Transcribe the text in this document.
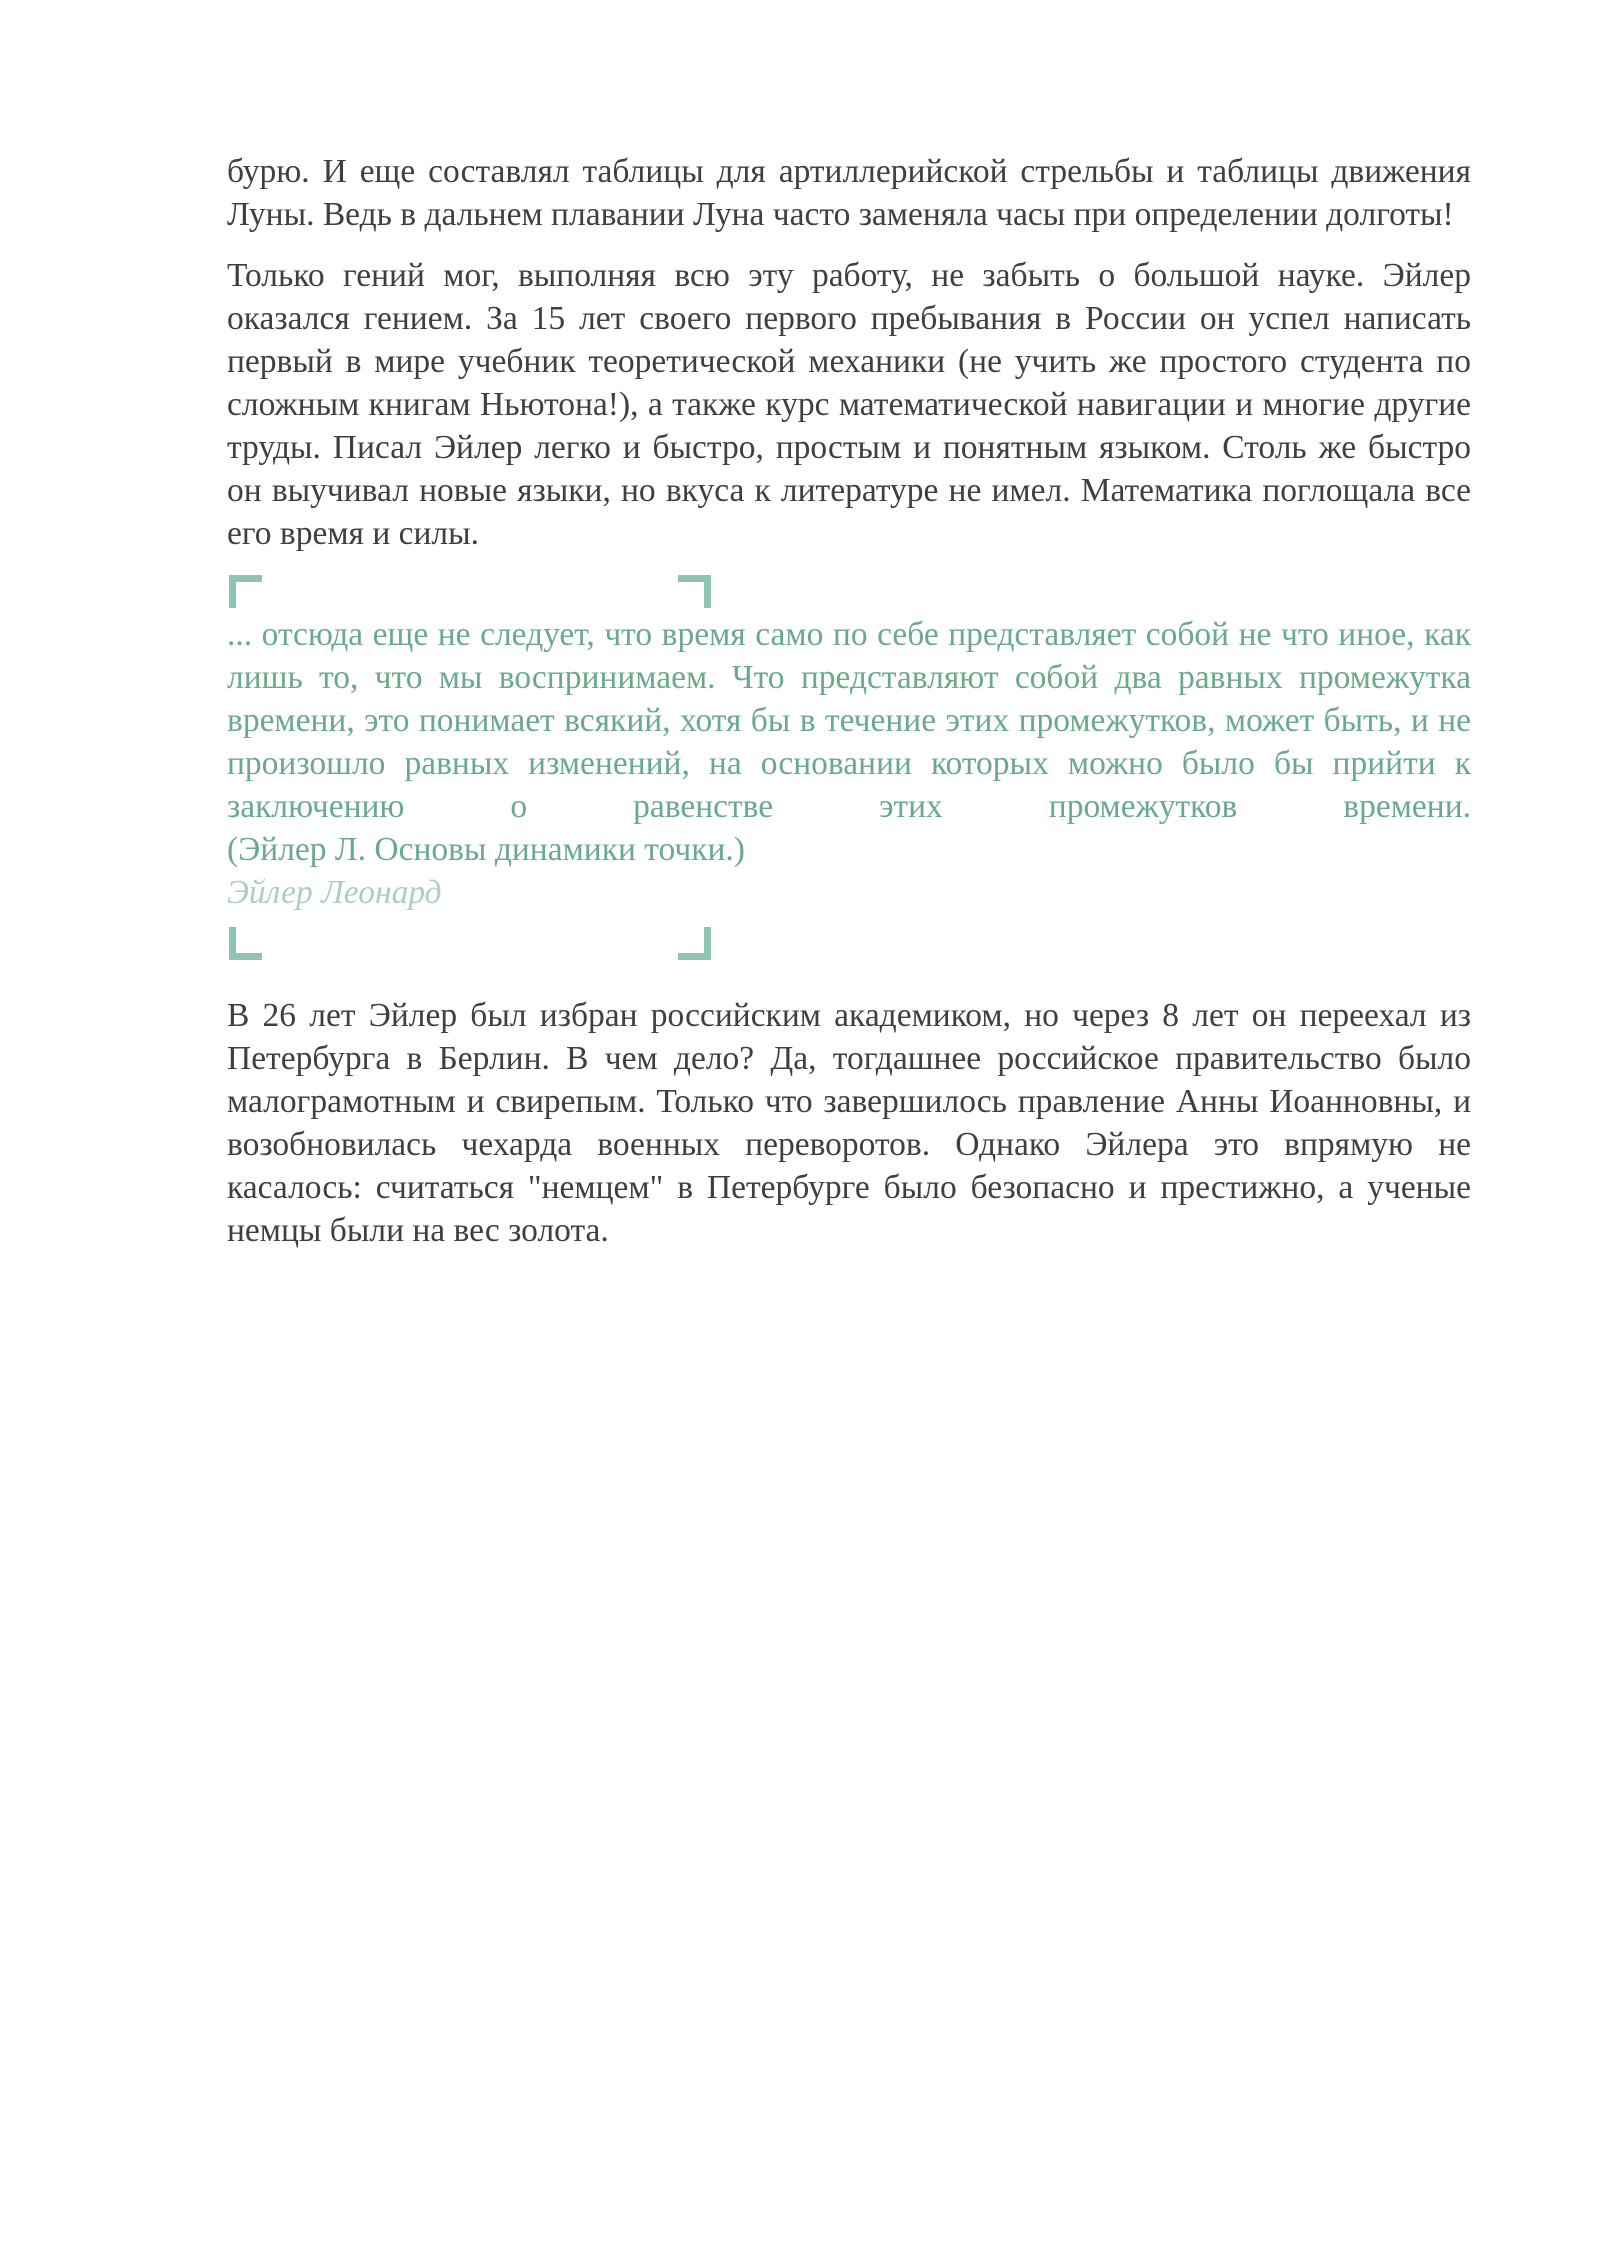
бурю. И еще составлял таблицы для артиллерийской стрельбы и таблицы движения Луны. Ведь в дальнем плавании Луна часто заменяла часы при определении долготы!

Только гений мог, выполняя всю эту работу, не забыть о большой науке. Эйлер оказался гением. За 15 лет своего первого пребывания в России он успел написать первый в мире учебник теоретической механики (не учить же простого студента по сложным книгам Ньютона!), а также курс математической навигации и многие другие труды. Писал Эйлер легко и быстро, простым и понятным языком. Столь же быстро он выучивал новые языки, но вкуса к литературе не имел. Математика поглощала все его время и силы.

... отсюда еще не следует, что время само по себе представляет собой не что иное, как лишь то, что мы воспринимаем. Что представляют собой два равных промежутка времени, это понимает всякий, хотя бы в течение этих промежутков, может быть, и не произошло равных изменений, на основании которых можно было бы прийти к заключению о равенстве этих промежутков времени.

(Эйлер Л. Основы динамики точки.)

Эйлер Леонард

В 26 лет Эйлер был избран российским академиком, но через 8 лет он переехал из Петербурга в Берлин. В чем дело? Да, тогдашнее российское правительство было малограмотным и свирепым. Только что завершилось правление Анны Иоанновны, и возобновилась чехарда военных переворотов. Однако Эйлера это впрямую не касалось: считаться "немцем" в Петербурге было безопасно и престижно, а ученые немцы были на вес золота.
